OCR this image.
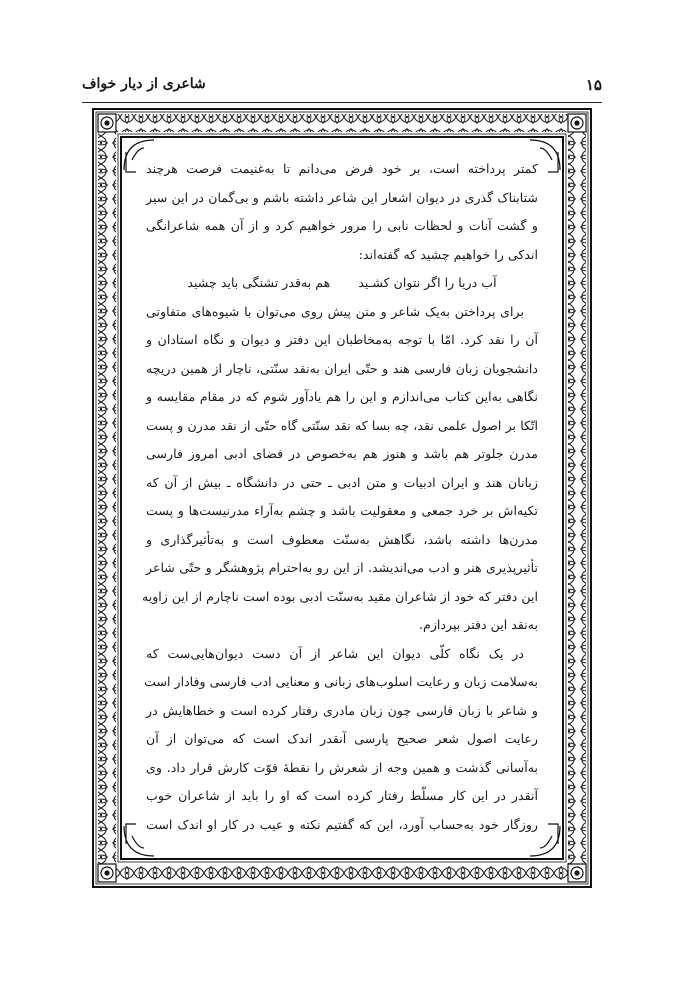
۱۵
شاعری از دیار خواف
کمتر پرداخته است، بر خود فرض می‌دانم تا به‌غنیمت فرصت هرچند
شتابناک گذری در دیوان اشعار این شاعر داشته باشم و بی‌گمان در این سیر
و گشت آنات و لحظات نابی را مرور خواهیم کرد و از آن همه شاعرانگی
اندکی را خواهیم چشید که گفته‌اند:
آب دریا را اگر نتوان کشـید
هم به‌قدر تشنگی باید چشید
برای پرداختن به‌یک شاعر و متن پیش روی می‌توان با شیوه‌های متفاوتی
آن را نقد کرد. امّا با توجه به‌مخاطبان این دفتر و دیوان و نگاه استادان و
دانشجویان زبان فارسی هند و حتّی ایران به‌نقد سنّتی، ناچار از همین دریچه
نگاهی به‌این کتاب می‌اندازم و این را هم یادآور شوم که در مقام مقایسه و
اتّکا بر اصول علمی نقد، چه بسا که نقد سنّتی گاه حتّی از نقد مدرن و پست
مدرن جلوتر هم باشد و هنوز هم به‌خصوص در فضای ادبی امروز فارسی
زبانان هند و ایران ادبیات و متن ادبی ـ حتی در دانشگاه ـ بیش از آن که
تکیه‌اش بر خرد جمعی و معقولیت باشد و چشم به‌آراء مدرنیست‌ها و پست
مدرن‌ها داشته باشد، نگاهش به‌سنّت معطوف است و به‌تأثیرگذاری و
تأثیرپذیری هنر و ادب می‌اندیشد. از این رو به‌احترام پژوهشگر و حتّی شاعر
این دفتر که خود از شاعران مقید به‌سنّت ادبی بوده است ناچارم از این زاویه
به‌نقد این دفتر بپردازم.
در یک نگاه کلّی دیوان این شاعر از آن دست دیوان‌هایی‌ست که
به‌سلامت زبان و رعایت اسلوب‌های زبانی و معنایی ادب فارسی وفادار است
و شاعر با زبان فارسی چون زبان مادری رفتار کرده است و خطاهایش در
رعایت اصول شعر صحیح پارسی آنقدر اندک است که می‌توان از آن
به‌آسانی گذشت و همین وجه از شعرش را نقطهٔ قوّت کارش قرار داد. وی
آنقدر در این کار مسلّط رفتار کرده است که او را باید از شاعران خوب
روزگار خود به‌حساب آورد، این که گفتیم نکته و عیب در کار او اندک است
